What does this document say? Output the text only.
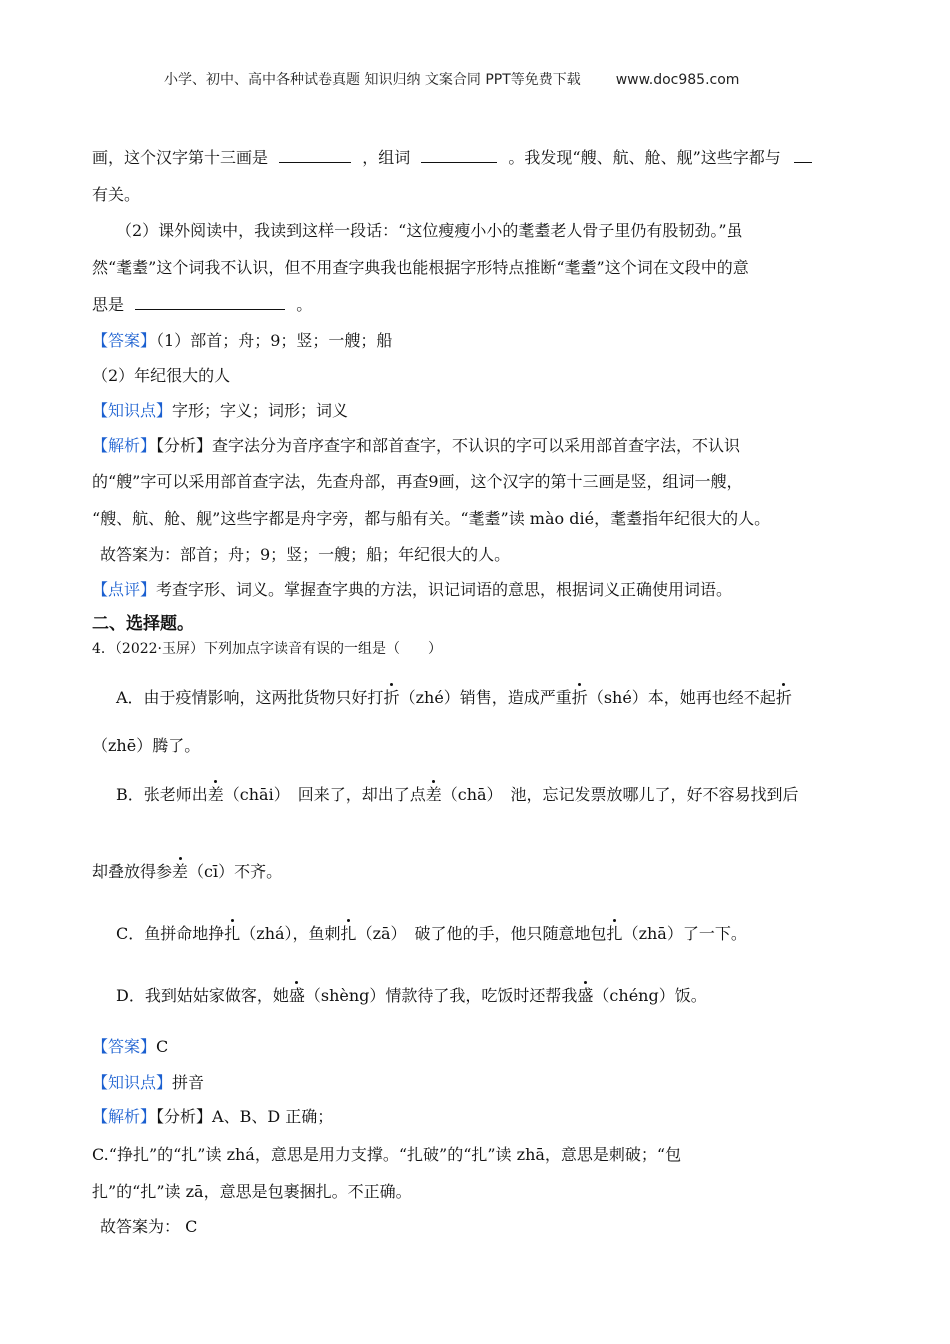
小学、初中、高中各种试卷真题 知识归纳 文案合同 PPT等免费下载 www.doc985.com
画，这个汉字第十三画是	，组词	。我发现“艘、航、舱、舰”这些字都与
有关。
（2）课外阅读中，我读到这样一段话：“这位瘦瘦小小的耄耋老人骨子里仍有股韧劲。”虽
然“耄耋”这个词我不认识，但不用查字典我也能根据字形特点推断“耄耋”这个词在文段中的意
思是	。
【答案】（1）部首；舟；9；竖；一艘；船
（2）年纪很大的人
【知识点】字形；字义；词形；词义
【解析】【分析】查字法分为音序查字和部首查字，不认识的字可以采用部首查字法，不认识
的“艘”字可以采用部首查字法，先查舟部，再查9画，这个汉字的第十三画是竖，组词一艘，
“艘、航、舱、舰”这些字都是舟字旁，都与船有关。“耄耋”读 mào dié，耄耋指年纪很大的人。
故答案为：部首；舟；9；竖；一艘；船；年纪很大的人。
【点评】考查字形、词义。掌握查字典的方法，识记词语的意思，根据词义正确使用词语。
二、选择题。
4．（2022·玉屏）下列加点字读音有误的一组是（　　）
A．由于疫情影响，这两批货物只好打折（zhé）销售，造成严重折（shé）本，她再也经不起折
（zhē）腾了。
B．张老师出差（chāi）　回来了，却出了点差（chā）　池，忘记发票放哪儿了，好不容易找到后
却叠放得参差（cī）不齐。
C．鱼拼命地挣扎（zhá），鱼刺扎（zā）　破了他的手，他只随意地包扎（zhā）了一下。
D．我到姑姑家做客，她盛（shèng）情款待了我，吃饭时还帮我盛（chéng）饭。
【答案】C
【知识点】拼音
【解析】【分析】A、B、D 正确；
C.“挣扎”的“扎”读 zhá，意思是用力支撑。“扎破”的“扎”读 zhā，意思是刺破；“包
扎”的“扎”读 zā，意思是包裹捆扎。不正确。
故答案为： C
